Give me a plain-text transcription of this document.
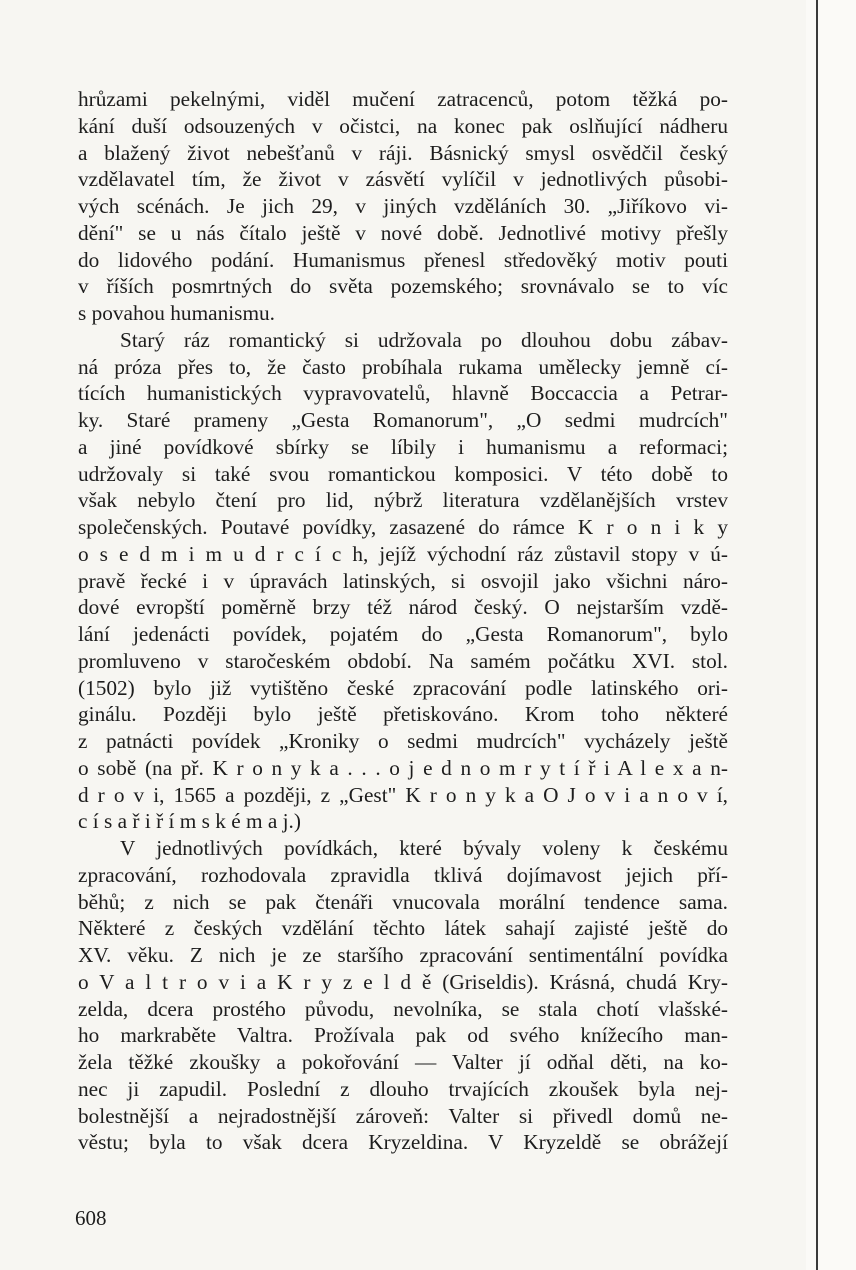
hrůzami pekelnými, viděl mučení zatracenců, potom těžká po-
kání duší odsouzených v očistci, na konec pak oslňující nádheru
a blažený život nebešťanů v ráji. Básnický smysl osvědčil český
vzdělavatel tím, že život v zásvětí vylíčil v jednotlivých působi-
vých scénách. Je jich 29, v jiných vzděláních 30. „Jiříkovo vi-
dění" se u nás čítalo ještě v nové době. Jednotlivé motivy přešly
do lidového podání. Humanismus přenesl středověký motiv pouti
v říších posmrtných do světa pozemského; srovnávalo se to víc
s povahou humanismu.
Starý ráz romantický si udržovala po dlouhou dobu zábav-
ná próza přes to, že často probíhala rukama umělecky jemně cí-
tících humanistických vypravovatelů, hlavně Boccaccia a Petrar-
ky. Staré prameny „Gesta Romanorum", „O sedmi mudrcích"
a jiné povídkové sbírky se líbily i humanismu a reformaci;
udržovaly si také svou romantickou komposici. V této době to
však nebylo čtení pro lid, nýbrž literatura vzdělanějších vrstev
společenských. Poutavé povídky, zasazené do rámce K r o n i k y
o s e d m i m u d r c í c h, jejíž východní ráz zůstavil stopy v ú-
pravě řecké i v úpravách latinských, si osvojil jako všichni náro-
dové evropští poměrně brzy též národ český. O nejstarším vzdě-
lání jedenácti povídek, pojatém do „Gesta Romanorum", bylo
promluveno v staročeském období. Na samém počátku XVI. stol.
(1502) bylo již vytištěno české zpracování podle latinského ori-
ginálu. Později bylo ještě přetiskováno. Krom toho některé
z patnácti povídek „Kroniky o sedmi mudrcích" vycházely ještě
o sobě (na př. K r o n y k a . . . o j e d n o m r y t í ř i A l e x a n-
d r o v i, 1565 a později, z „Gest" K r o n y k a O J o v i a n o v í,
c í s a ř i ř í m s k é m a j.)
V jednotlivých povídkách, které bývaly voleny k českému
zpracování, rozhodovala zpravidla tklivá dojímavost jejich pří-
běhů; z nich se pak čtenáři vnucovala morální tendence sama.
Některé z českých vzdělání těchto látek sahají zajisté ještě do
XV. věku. Z nich je ze staršího zpracování sentimentální povídka
o V a l t r o v i a K r y z e l d ě (Griseldis). Krásná, chudá Kry-
zelda, dcera prostého původu, nevolníka, se stala chotí vlašské-
ho markraběte Valtra. Prožívala pak od svého knížecího man-
žela těžké zkoušky a pokořování — Valter jí odňal děti, na ko-
nec ji zapudil. Poslední z dlouho trvajících zkoušek byla nej-
bolestnější a nejradostnější zároveň: Valter si přivedl domů ne-
věstu; byla to však dcera Kryzeldina. V Kryzeldě se obrážejí
608
